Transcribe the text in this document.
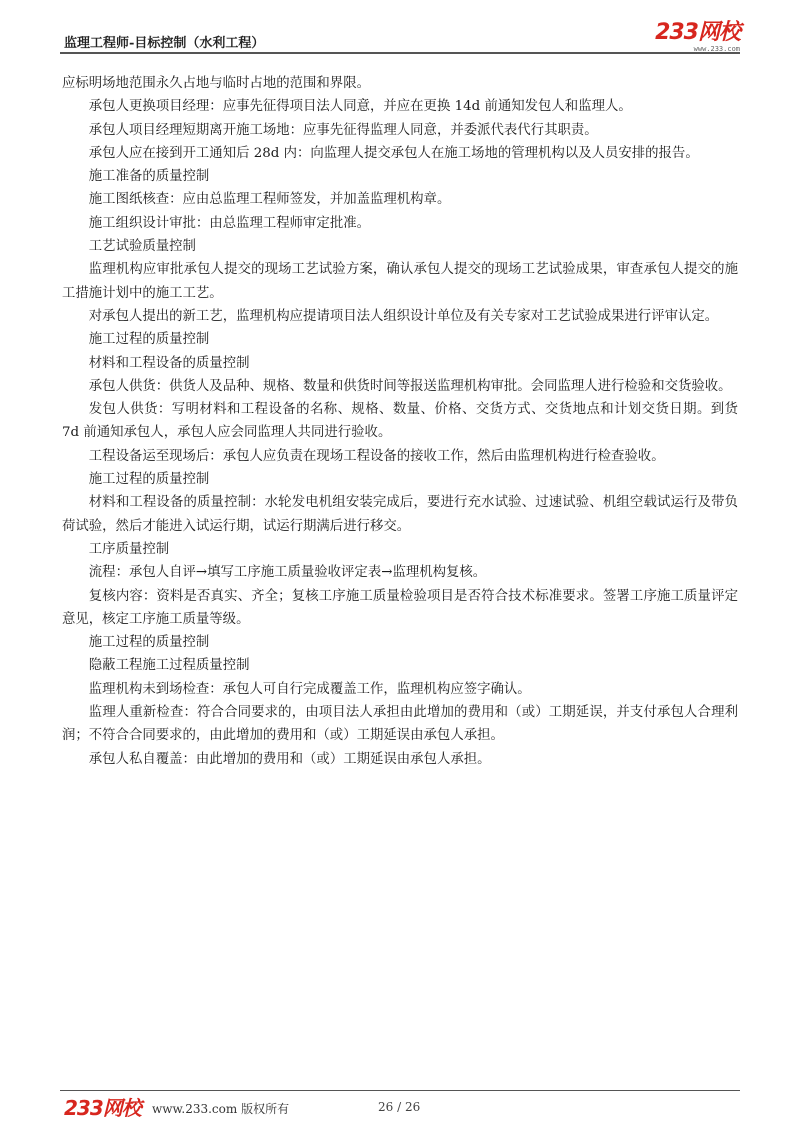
监理工程师-目标控制（水利工程）	233网校
www.233.com

应标明场地范围永久占地与临时占地的范围和界限。

承包人更换项目经理：应事先征得项目法人同意，并应在更换 14d 前通知发包人和监理人。

承包人项目经理短期离开施工场地：应事先征得监理人同意，并委派代表代行其职责。

承包人应在接到开工通知后 28d 内：向监理人提交承包人在施工场地的管理机构以及人员安排的报告。

施工准备的质量控制

施工图纸核查：应由总监理工程师签发，并加盖监理机构章。

施工组织设计审批：由总监理工程师审定批准。

工艺试验质量控制

监理机构应审批承包人提交的现场工艺试验方案，确认承包人提交的现场工艺试验成果，审查承包人提交的施工措施计划中的施工工艺。

对承包人提出的新工艺，监理机构应提请项目法人组织设计单位及有关专家对工艺试验成果进行评审认定。

施工过程的质量控制

材料和工程设备的质量控制

承包人供货：供货人及品种、规格、数量和供货时间等报送监理机构审批。会同监理人进行检验和交货验收。

发包人供货：写明材料和工程设备的名称、规格、数量、价格、交货方式、交货地点和计划交货日期。到货 7d 前通知承包人，承包人应会同监理人共同进行验收。

工程设备运至现场后：承包人应负责在现场工程设备的接收工作，然后由监理机构进行检查验收。

施工过程的质量控制

材料和工程设备的质量控制：水轮发电机组安装完成后，要进行充水试验、过速试验、机组空载试运行及带负荷试验，然后才能进入试运行期，试运行期满后进行移交。

工序质量控制

流程：承包人自评→填写工序施工质量验收评定表→监理机构复核。

复核内容：资料是否真实、齐全；复核工序施工质量检验项目是否符合技术标准要求。签署工序施工质量评定意见，核定工序施工质量等级。

施工过程的质量控制

隐蔽工程施工过程质量控制

监理机构未到场检查：承包人可自行完成覆盖工作，监理机构应签字确认。

监理人重新检查：符合合同要求的，由项目法人承担由此增加的费用和（或）工期延误，并支付承包人合理利润；不符合合同要求的，由此增加的费用和（或）工期延误由承包人承担。

承包人私自覆盖：由此增加的费用和（或）工期延误由承包人承担。

233网校 www.233.com 版权所有	26 / 26
